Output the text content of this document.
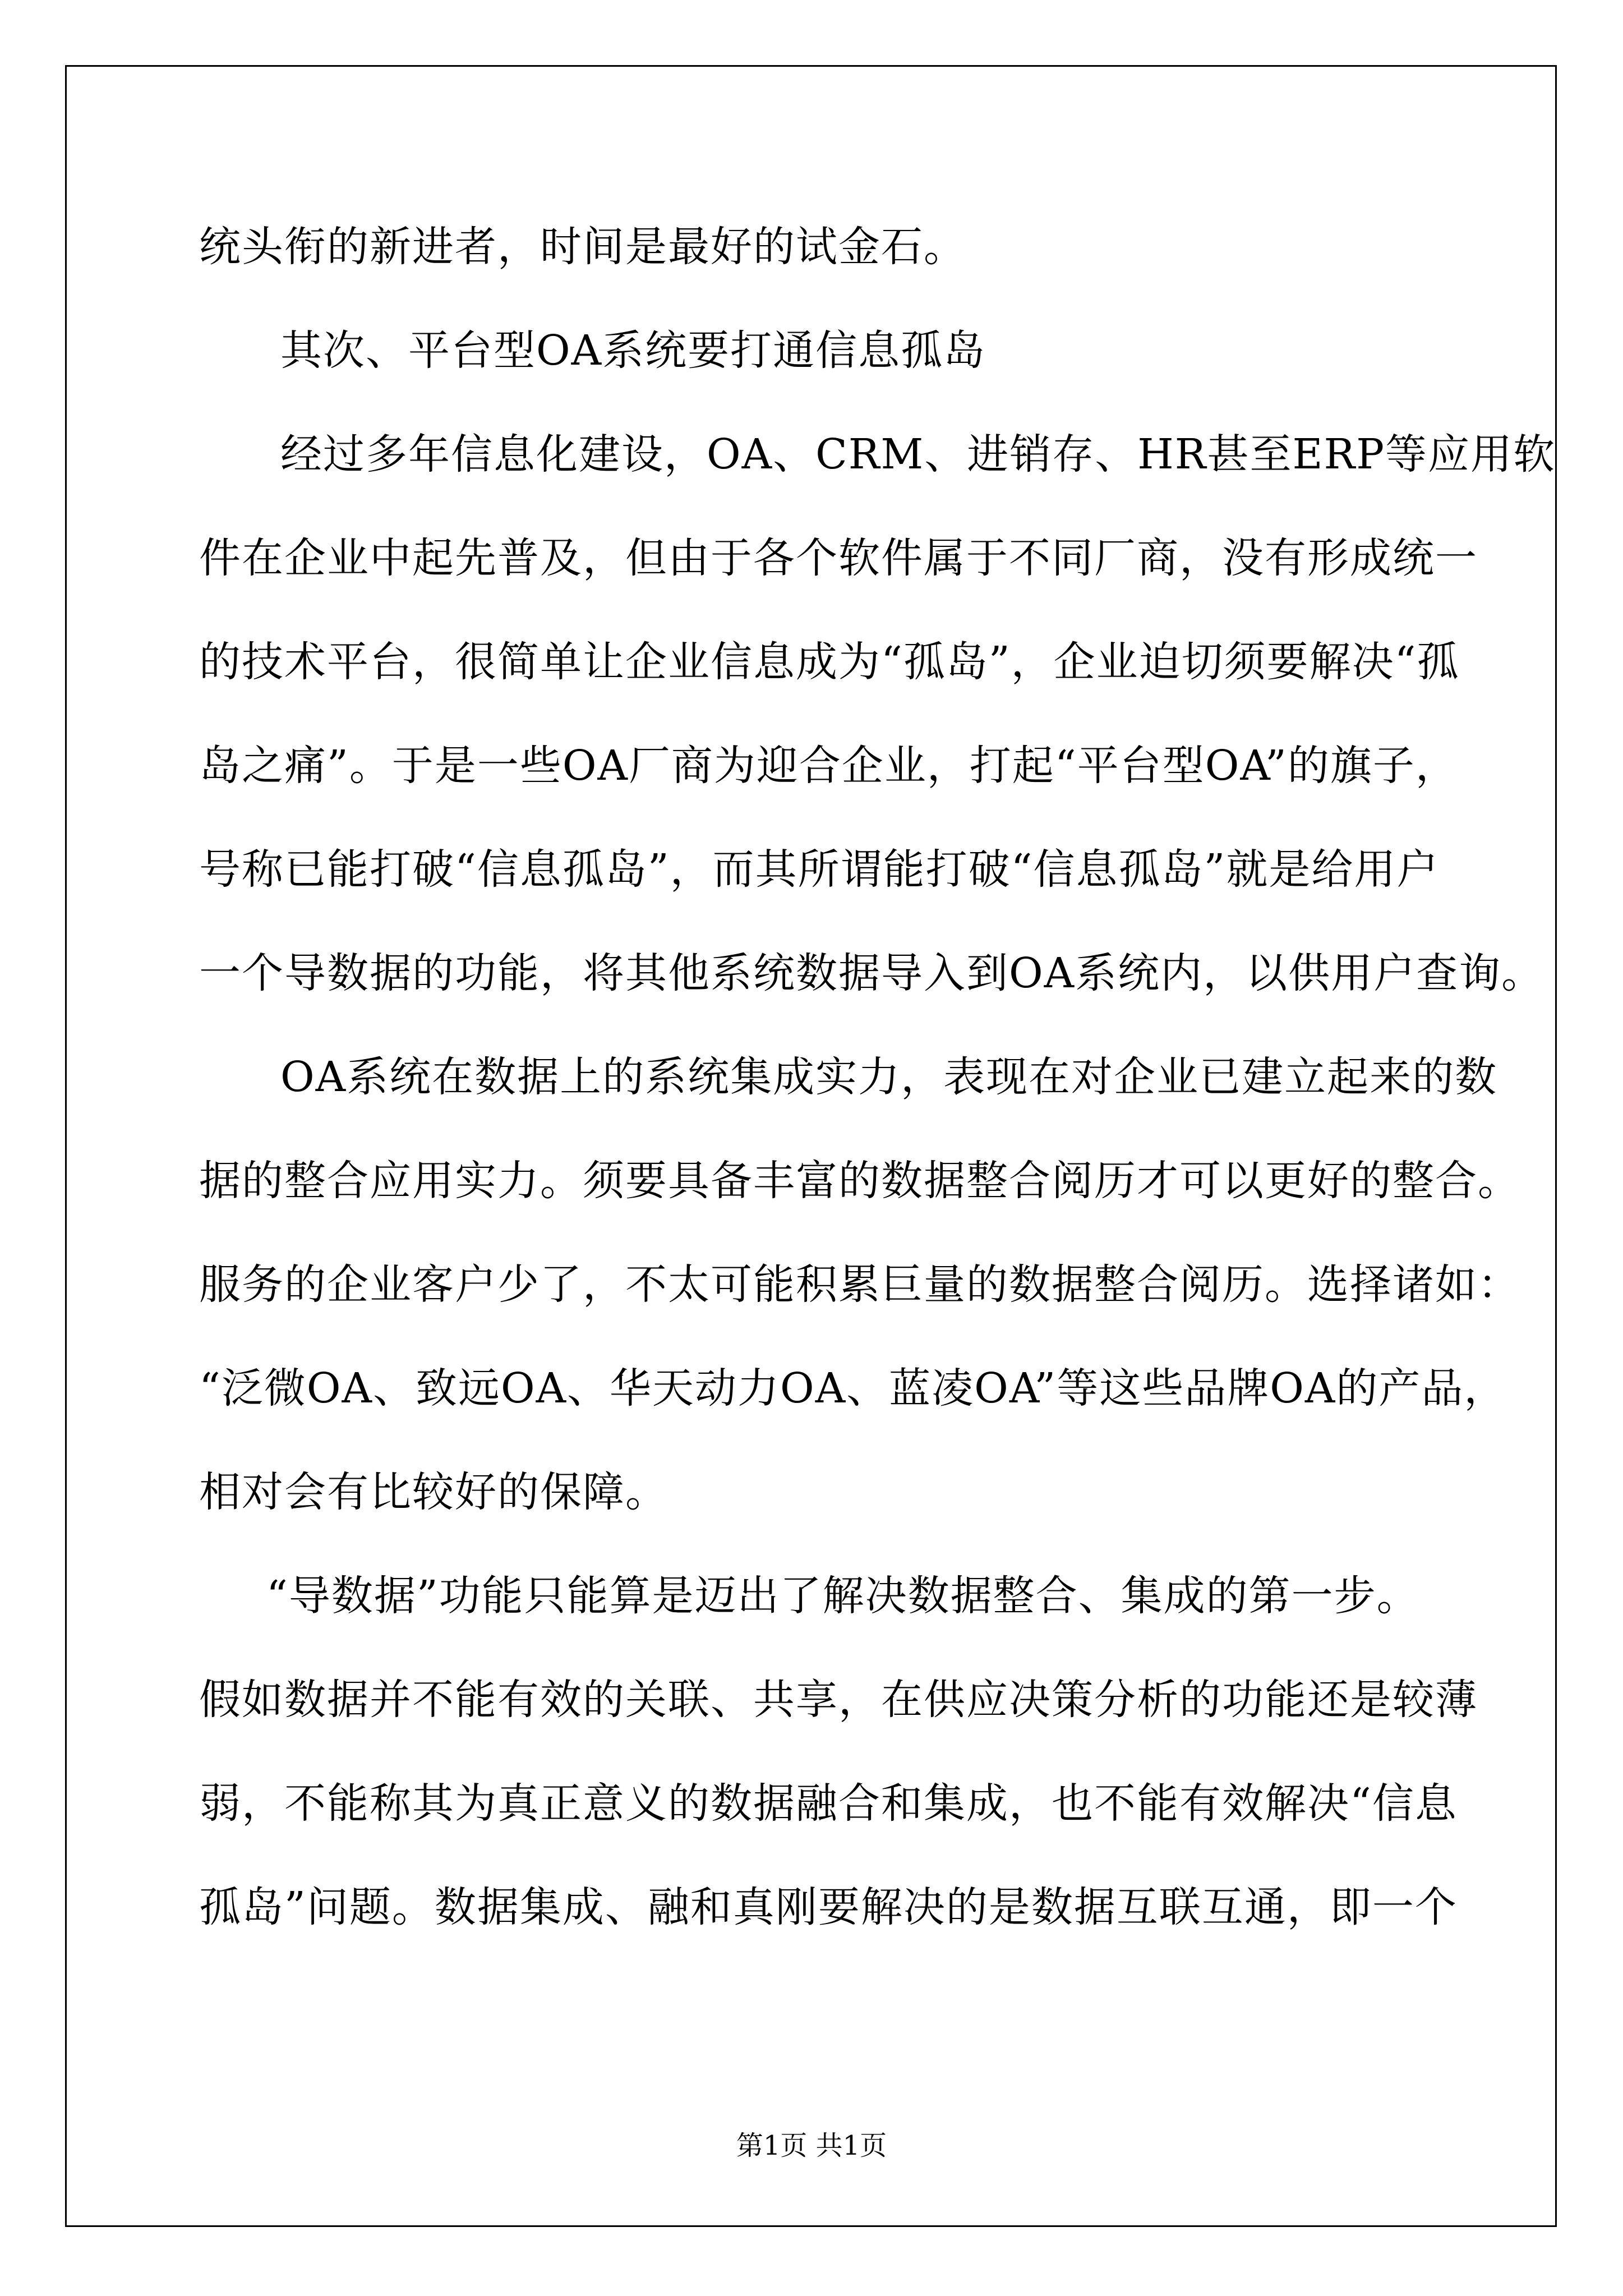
统头衔的新进者，时间是最好的试金石。
其次、平台型OA系统要打通信息孤岛
经过多年信息化建设，OA、CRM、进销存、HR甚至ERP等应用软
件在企业中起先普及，但由于各个软件属于不同厂商，没有形成统一
的技术平台，很简单让企业信息成为“孤岛”，企业迫切须要解决“孤
岛之痛”。于是一些OA厂商为迎合企业，打起“平台型OA”的旗子，
号称已能打破“信息孤岛”，而其所谓能打破“信息孤岛”就是给用户
一个导数据的功能，将其他系统数据导入到OA系统内，以供用户查询。
OA系统在数据上的系统集成实力，表现在对企业已建立起来的数
据的整合应用实力。须要具备丰富的数据整合阅历才可以更好的整合。
服务的企业客户少了，不太可能积累巨量的数据整合阅历。选择诸如：
“泛微OA、致远OA、华天动力OA、蓝凌OA”等这些品牌OA的产品，
相对会有比较好的保障。
“导数据”功能只能算是迈出了解决数据整合、集成的第一步。
假如数据并不能有效的关联、共享，在供应决策分析的功能还是较薄
弱，不能称其为真正意义的数据融合和集成，也不能有效解决“信息
孤岛”问题。数据集成、融和真刚要解决的是数据互联互通，即一个
第1页 共1页
